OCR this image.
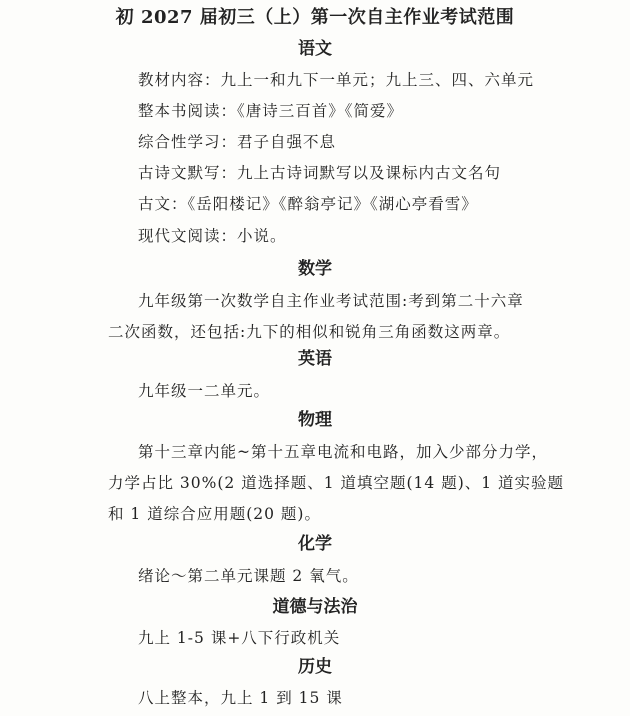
初 2027 届初三（上）第一次自主作业考试范围
语文
教材内容：九上一和九下一单元；九上三、四、六单元
整本书阅读：《唐诗三百首》《简爱》
综合性学习：君子自强不息
古诗文默写：九上古诗词默写以及课标内古文名句
古文：《岳阳楼记》《醉翁亭记》《湖心亭看雪》
现代文阅读：小说。
数学
九年级第一次数学自主作业考试范围:考到第二十六章
二次函数，还包括:九下的相似和锐角三角函数这两章。
英语
九年级一二单元。
物理
第十三章内能~第十五章电流和电路，加入少部分力学，
力学占比 30%(2 道选择题、1 道填空题(14 题)、1 道实验题
和 1 道综合应用题(20 题)。
化学
绪论～第二单元课题 2 氧气。
道德与法治
九上 1-5 课+八下行政机关
历史
八上整本，九上 1 到 15 课
